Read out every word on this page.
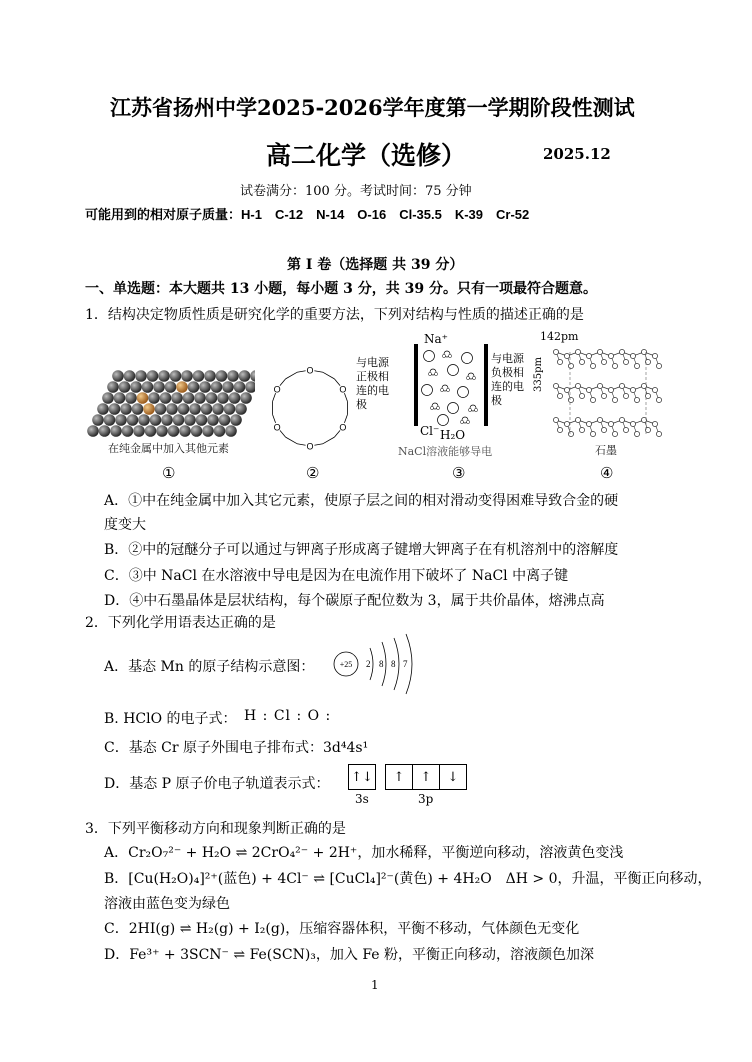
江苏省扬州中学2025-2026学年度第一学期阶段性测试
高二化学（选修）	2025.12
试卷满分：100 分。考试时间：75 分钟
可能用到的相对原子质量：H-1　C-12　N-14　O-16　Cl-35.5　K-39　Cr-52
第 I 卷（选择题 共 39 分）
一、单选题：本大题共 13 小题，每小题 3 分，共 39 分。只有一项最符合题意。
1．结构决定物质性质是研究化学的重要方法，下列对结构与性质的描述正确的是
在纯金属中加入其他元素
O
O
O
O
O
O
与电源
正极相
连的电
极
Na⁺
Cl⁻ H₂O
与电源
负极相
连的电
极
NaCl溶液能够导电
142pm
335pm
石墨
①	②	③	④
A．①中在纯金属中加入其它元素，使原子层之间的相对滑动变得困难导致合金的硬
度变大
B．②中的冠醚分子可以通过与钾离子形成离子键增大钾离子在有机溶剂中的溶解度
C．③中 NaCl 在水溶液中导电是因为在电流作用下破坏了 NaCl 中离子键
D．④中石墨晶体是层状结构，每个碳原子配位数为 3，属于共价晶体，熔沸点高
2．下列化学用语表达正确的是
A．基态 Mn 的原子结构示意图：	+25 2 8 8 7
B. HClO 的电子式： H : Cl : O :
C．基态 Cr 原子外围电子排布式：3d⁴4s¹
D．基态 P 原子价电子轨道表示式： ↑↓	↑	↑	↓
3s	3p
3．下列平衡移动方向和现象判断正确的是
A．Cr₂O₇²⁻ + H₂O ⇌ 2CrO₄²⁻ + 2H⁺，加水稀释，平衡逆向移动，溶液黄色变浅
B．[Cu(H₂O)₄]²⁺(蓝色) + 4Cl⁻ ⇌ [CuCl₄]²⁻(黄色) + 4H₂O　ΔH > 0，升温，平衡正向移动，
溶液由蓝色变为绿色
C．2HI(g) ⇌ H₂(g) + I₂(g)，压缩容器体积，平衡不移动，气体颜色无变化
D．Fe³⁺ + 3SCN⁻ ⇌ Fe(SCN)₃，加入 Fe 粉，平衡正向移动，溶液颜色加深
1
